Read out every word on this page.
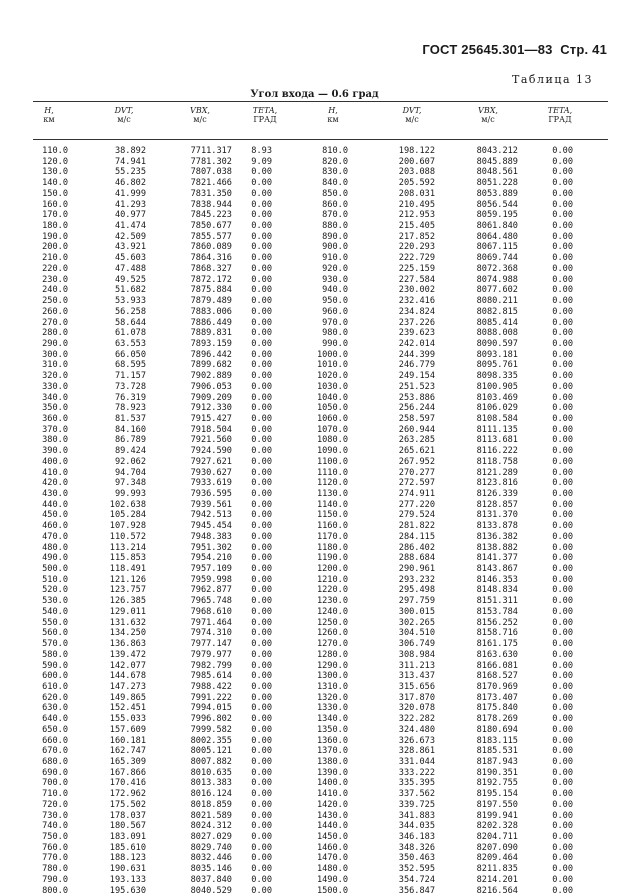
ГОСТ 25645.301—83 Стр. 41
Таблица 13
Угол входа — 0.6 град
H,
км
DVT,
м/с
VBX,
м/с
TETA,
ГРАД
H,
км
DVT,
м/с
VBX,
м/с
TETA,
ГРАД
110.0
120.0
130.0
140.0
150.0
160.0
170.0
180.0
190.0
200.0
210.0
220.0
230.0
240.0
250.0
260.0
270.0
280.0
290.0
300.0
310.0
320.0
330.0
340.0
350.0
360.0
370.0
380.0
390.0
400.0
410.0
420.0
430.0
440.0
450.0
460.0
470.0
480.0
490.0
500.0
510.0
520.0
530.0
540.0
550.0
560.0
570.0
580.0
590.0
600.0
610.0
620.0
630.0
640.0
650.0
660.0
670.0
680.0
690.0
700.0
710.0
720.0
730.0
740.0
750.0
760.0
770.0
780.0
790.0
800.0
38.892
74.941
55.235
46.802
41.999
41.293
40.977
41.474
42.509
43.921
45.603
47.488
49.525
51.682
53.933
56.258
58.644
61.078
63.553
66.050
68.595
71.157
73.728
76.319
78.923
81.537
84.160
86.789
89.424
92.062
94.704
97.348
99.993
102.638
105.284
107.928
110.572
113.214
115.853
118.491
121.126
123.757
126.385
129.011
131.632
134.250
136.863
139.472
142.077
144.678
147.273
149.865
152.451
155.033
157.609
160.181
162.747
165.309
167.866
170.416
172.962
175.502
178.037
180.567
183.091
185.610
188.123
190.631
193.133
195.630
7711.317
7781.302
7807.038
7821.466
7831.350
7838.944
7845.223
7850.677
7855.577
7860.089
7864.316
7868.327
7872.172
7875.884
7879.489
7883.006
7886.449
7889.831
7893.159
7896.442
7899.682
7902.889
7906.053
7909.209
7912.330
7915.427
7918.504
7921.560
7924.590
7927.621
7930.627
7933.619
7936.595
7939.561
7942.513
7945.454
7948.383
7951.302
7954.210
7957.109
7959.998
7962.877
7965.748
7968.610
7971.464
7974.310
7977.147
7979.977
7982.799
7985.614
7988.422
7991.222
7994.015
7996.802
7999.582
8002.355
8005.121
8007.882
8010.635
8013.383
8016.124
8018.859
8021.589
8024.312
8027.029
8029.740
8032.446
8035.146
8037.840
8040.529
8.93
9.09
0.00
0.00
0.00
0.00
0.00
0.00
0.00
0.00
0.00
0.00
0.00
0.00
0.00
0.00
0.00
0.00
0.00
0.00
0.00
0.00
0.00
0.00
0.00
0.00
0.00
0.00
0.00
0.00
0.00
0.00
0.00
0.00
0.00
0.00
0.00
0.00
0.00
0.00
0.00
0.00
0.00
0.00
0.00
0.00
0.00
0.00
0.00
0.00
0.00
0.00
0.00
0.00
0.00
0.00
0.00
0.00
0.00
0.00
0.00
0.00
0.00
0.00
0.00
0.00
0.00
0.00
0.00
0.00
810.0
820.0
830.0
840.0
850.0
860.0
870.0
880.0
890.0
900.0
910.0
920.0
930.0
940.0
950.0
960.0
970.0
980.0
990.0
1000.0
1010.0
1020.0
1030.0
1040.0
1050.0
1060.0
1070.0
1080.0
1090.0
1100.0
1110.0
1120.0
1130.0
1140.0
1150.0
1160.0
1170.0
1180.0
1190.0
1200.0
1210.0
1220.0
1230.0
1240.0
1250.0
1260.0
1270.0
1280.0
1290.0
1300.0
1310.0
1320.0
1330.0
1340.0
1350.0
1360.0
1370.0
1380.0
1390.0
1400.0
1410.0
1420.0
1430.0
1440.0
1450.0
1460.0
1470.0
1480.0
1490.0
1500.0
198.122
200.607
203.088
205.592
208.031
210.495
212.953
215.405
217.852
220.293
222.729
225.159
227.584
230.002
232.416
234.824
237.226
239.623
242.014
244.399
246.779
249.154
251.523
253.886
256.244
258.597
260.944
263.285
265.621
267.952
270.277
272.597
274.911
277.220
279.524
281.822
284.115
286.402
288.684
290.961
293.232
295.498
297.759
300.015
302.265
304.510
306.749
308.984
311.213
313.437
315.656
317.870
320.078
322.282
324.480
326.673
328.861
331.044
333.222
335.395
337.562
339.725
341.883
344.035
346.183
348.326
350.463
352.595
354.724
356.847
8043.212
8045.889
8048.561
8051.228
8053.889
8056.544
8059.195
8061.840
8064.480
8067.115
8069.744
8072.368
8074.988
8077.602
8080.211
8082.815
8085.414
8088.008
8090.597
8093.181
8095.761
8098.335
8100.905
8103.469
8106.029
8108.584
8111.135
8113.681
8116.222
8118.758
8121.289
8123.816
8126.339
8128.857
8131.370
8133.878
8136.382
8138.882
8141.377
8143.867
8146.353
8148.834
8151.311
8153.784
8156.252
8158.716
8161.175
8163.630
8166.081
8168.527
8170.969
8173.407
8175.840
8178.269
8180.694
8183.115
8185.531
8187.943
8190.351
8192.755
8195.154
8197.550
8199.941
8202.328
8204.711
8207.090
8209.464
8211.835
8214.201
8216.564
0.00
0.00
0.00
0.00
0.00
0.00
0.00
0.00
0.00
0.00
0.00
0.00
0.00
0.00
0.00
0.00
0.00
0.00
0.00
0.00
0.00
0.00
0.00
0.00
0.00
0.00
0.00
0.00
0.00
0.00
0.00
0.00
0.00
0.00
0.00
0.00
0.00
0.00
0.00
0.00
0.00
0.00
0.00
0.00
0.00
0.00
0.00
0.00
0.00
0.00
0.00
0.00
0.00
0.00
0.00
0.00
0.00
0.00
0.00
0.00
0.00
0.00
0.00
0.00
0.00
0.00
0.00
0.00
0.00
0.00
